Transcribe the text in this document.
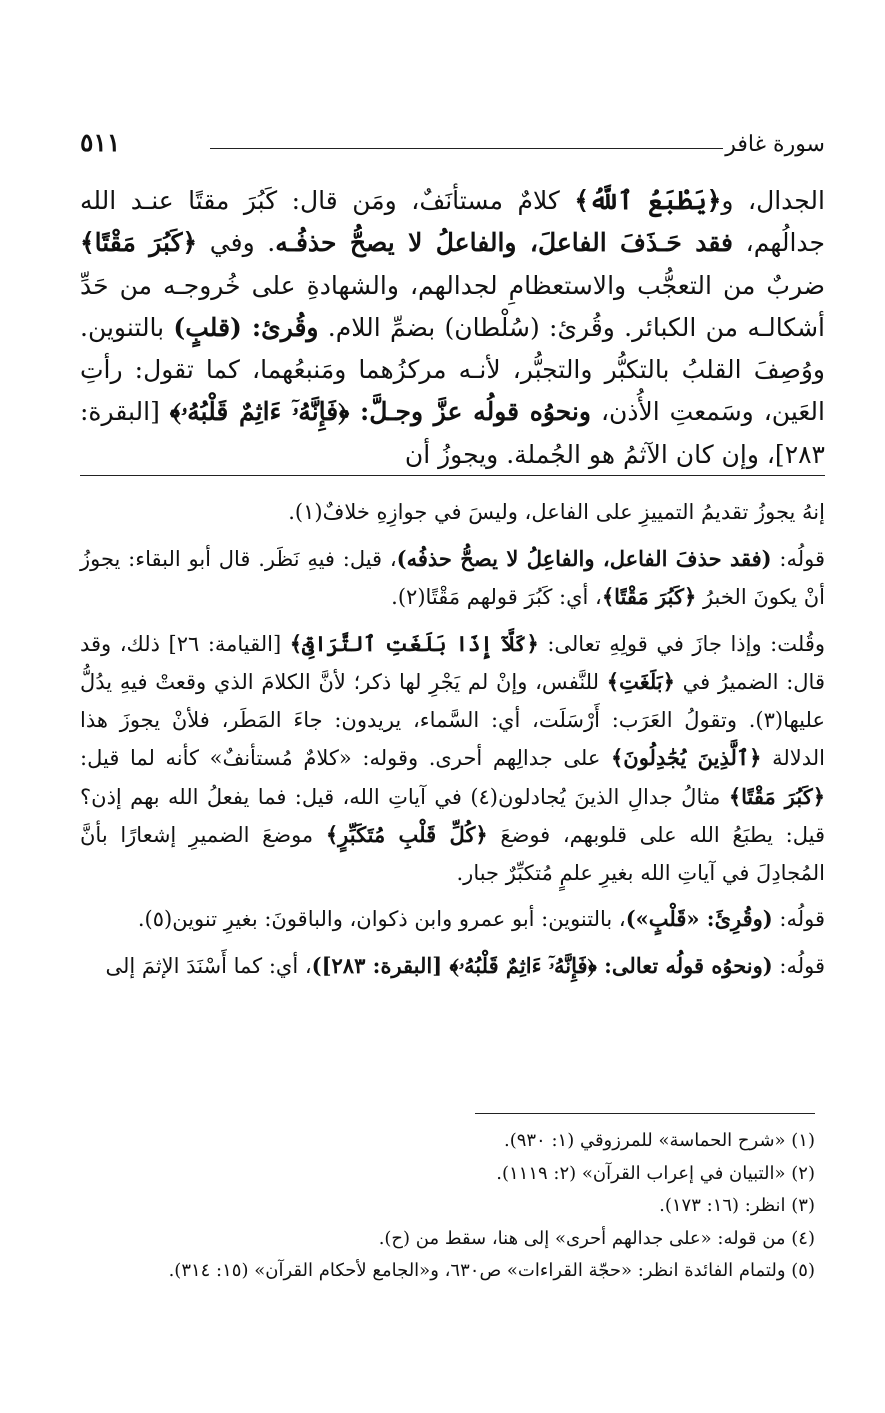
سورة غافر
٥١١

الجدال، و﴿يَطْبَعُ ٱللَّهُ﴾ كلامٌ مستأنَفٌ، ومَن قال: كَبُرَ مقتًا عنـد الله جدالُهم، فقد حَـذَفَ الفاعلَ، والفاعلُ لا يصحُّ حذفُـه. وفي ﴿كَبُرَ مَقْتًا﴾ ضربٌ من التعجُّب والاستعظامِ لجدالهم، والشهادةِ على خُروجـه من حَدِّ أشكالـه من الكبائر. وقُرئ: (سُلْطان) بضمِّ اللام. وقُرئ: (قلبٍ) بالتنوين. ووُصِفَ القلبُ بالتكبُّر والتجبُّر، لأنـه مركزُهما ومَنبعُهما، كما تقول: رأتِ العَين، وسَمعتِ الأُذن، ونحوُه قولُه عزَّ وجـلَّ: ﴿فَإِنَّهُۥٓ ءَاثِمٌ قَلْبُهُۥ﴾ [البقرة: ٢٨٣]، وإن كان الآثمُ هو الجُملة. ويجوزُ أن

إنهُ يجوزُ تقديمُ التمييزِ على الفاعل، وليسَ في جوازِهِ خلافٌ(١).

قولُه: (فقد حذفَ الفاعل، والفاعِلُ لا يصحُّ حذفُه)، قيل: فيهِ نَظَر. قال أبو البقاء: يجوزُ أنْ يكونَ الخبرُ ﴿كَبُرَ مَقْتًا﴾، أي: كَبُرَ قولهم مَقْتًا(٢).

وقُلت: وإذا جازَ في قولِهِ تعالى: ﴿كَلَّآ إِذَا بَلَغَتِ ٱلتَّرَاقِىَ﴾ [القيامة: ٢٦] ذلك، وقد قال: الضميرُ في ﴿بَلَغَتِ﴾ للنَّفس، وإنْ لم يَجْرِ لها ذكر؛ لأنَّ الكلامَ الذي وقعتْ فيهِ يدُلُّ عليها(٣). وتقولُ العَرَب: أَرْسَلَت، أي: السَّماء، يريدون: جاءَ المَطَر، فلأنْ يجوزَ هذا الدلالة ﴿ٱلَّذِينَ يُجَٰدِلُونَ﴾ على جدالِهم أحرى. وقوله: «كلامٌ مُستأنفٌ» كأنه لما قيل: ﴿كَبُرَ مَقْتًا﴾ مثالُ جدالِ الذينَ يُجادلون(٤) في آياتِ الله، قيل: فما يفعلُ الله بهم إذن؟ قيل: يطبَعُ الله على قلوبهم، فوضعَ ﴿كُلِّ قَلْبِ مُتَكَبِّرٍ﴾ موضعَ الضميرِ إشعارًا بأنَّ المُجادِلَ في آياتِ الله بغيرِ علمٍ مُتكبِّرٌ جبار.

قولُه: (وقُرِئَ: «قَلْبٍ»)، بالتنوين: أبو عمرو وابن ذكوان، والباقونَ: بغيرِ تنوين(٥).

قولُه: (ونحوُه قولُه تعالى: ﴿فَإِنَّهُۥٓ ءَاثِمٌ قَلْبُهُۥ﴾ [البقرة: ٢٨٣])، أي: كما أَسْنَدَ الإثمَ إلى

(١) «شرح الحماسة» للمرزوقي (١: ٩٣٠).

(٢) «التبيان في إعراب القرآن» (٢: ١١١٩).

(٣) انظر: (١٦: ١٧٣).

(٤) من قوله: «على جدالهم أحرى» إلى هنا، سقط من (ح).

(٥) ولتمام الفائدة انظر: «حجّة القراءات» ص٦٣٠، و«الجامع لأحكام القرآن» (١٥: ٣١٤).
